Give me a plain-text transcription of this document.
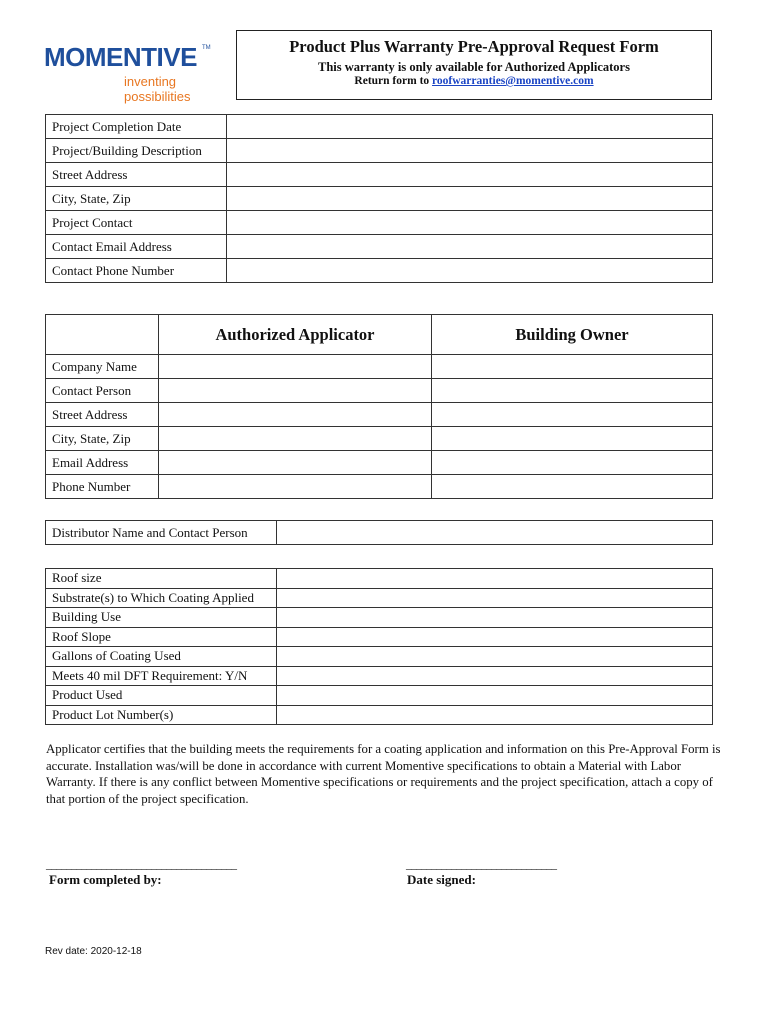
MOMENTIVE TM
inventing possibilities
Product Plus Warranty Pre-Approval Request Form
This warranty is only available for Authorized Applicators
Return form to roofwarranties@momentive.com
Project Completion Date	
Project/Building Description	
Street Address	
City, State, Zip	
Project Contact	
Contact Email Address	
Contact Phone Number	
	Authorized Applicator	Building Owner
Company Name		
Contact Person		
Street Address		
City, State, Zip		
Email Address		
Phone Number		
Distributor Name and Contact Person	
Roof size	
Substrate(s) to Which Coating Applied	
Building Use	
Roof Slope	
Gallons of Coating Used	
Meets 40 mil DFT Requirement: Y/N	
Product Used	
Product Lot Number(s)	
Applicator certifies that the building meets the requirements for a coating application and information on this Pre-Approval Form is accurate. Installation was/will be done in accordance with current Momentive specifications to obtain a Material with Labor Warranty. If there is any conflict between Momentive specifications or requirements and the project specification, attach a copy of that portion of the project specification.
______________________________________
Form completed by:
______________________________
Date signed:
Rev date: 2020-12-18
